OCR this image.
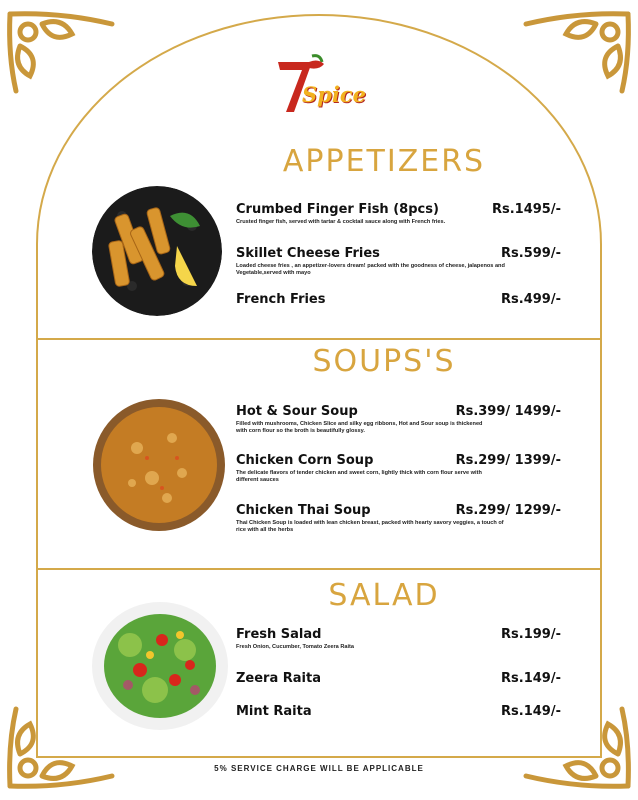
Spice
APPETIZERS
Crumbed Finger Fish (8pcs)	Rs.1495/-
Crusted finger fish, served with tartar & cocktail sauce along with French fries.
Skillet Cheese Fries	Rs.599/-
Loaded cheese fries , an appetizer-lovers dream! packed with the goodness of cheese, jalapenos and Vegetable,served with mayo
French Fries	Rs.499/-
SOUPS'S
Hot & Sour Soup	Rs.399/ 1499/-
Filled with mushrooms, Chicken Slice and silky egg ribbons, Hot and Sour soup is thickened with corn flour so the broth is beautifully glossy.
Chicken Corn Soup	Rs.299/ 1399/-
The delicate flavors of tender chicken and sweet corn, lightly thick with corn flour serve with different sauces
Chicken Thai Soup	Rs.299/ 1299/-
Thai Chicken Soup is loaded with lean chicken breast, packed with hearty savory veggies, a touch of rice with all the herbs
SALAD
Fresh Salad	Rs.199/-
Fresh Onion, Cucumber, Tomato Zeera Raita
Zeera Raita	Rs.149/-
Mint Raita	Rs.149/-
5% SERVICE CHARGE WILL BE APPLICABLE
